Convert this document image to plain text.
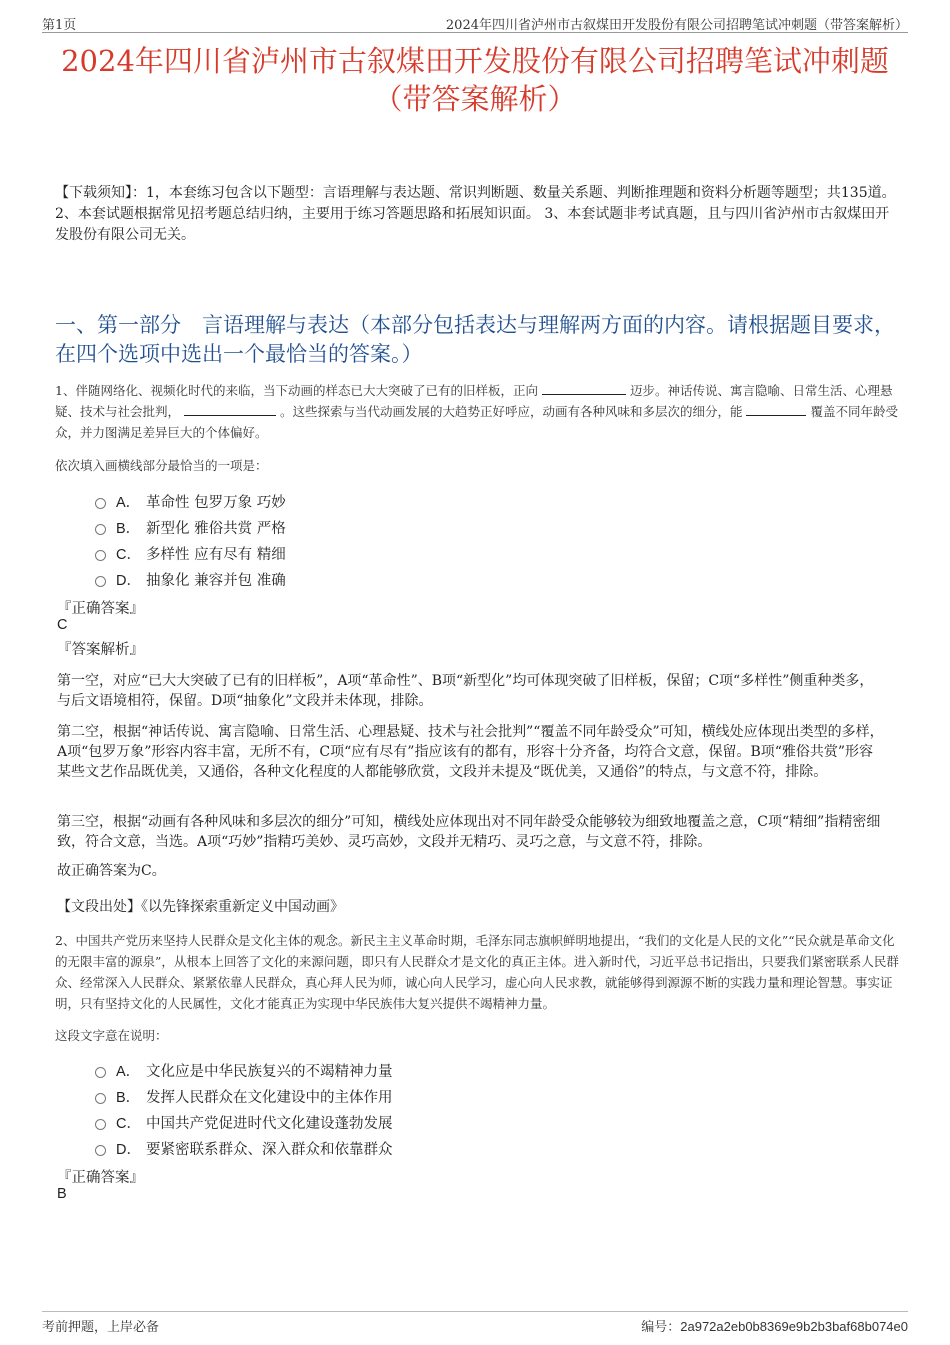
第1页	2024年四川省泸州市古叙煤田开发股份有限公司招聘笔试冲刺题（带答案解析）
2024年四川省泸州市古叙煤田开发股份有限公司招聘笔试冲刺题（带答案解析）

【下载须知】：1，本套练习包含以下题型：言语理解与表达题、常识判断题、数量关系题、判断推理题和资料分析题等题型；共135道。 2、本套试题根据常见招考题总结归纳，主要用于练习答题思路和拓展知识面。 3、本套试题非考试真题，且与四川省泸州市古叙煤田开发股份有限公司无关。

一、第一部分　言语理解与表达（本部分包括表达与理解两方面的内容。请根据题目要求，在四个选项中选出一个最恰当的答案。）

1、伴随网络化、视频化时代的来临，当下动画的样态已大大突破了已有的旧样板，正向	迈步。神话传说、寓言隐喻、日常生活、心理悬疑、技术与社会批判，	。这些探索与当代动画发展的大趋势正好呼应，动画有各种风味和多层次的细分，能	覆盖不同年龄受众，并力图满足差异巨大的个体偏好。

依次填入画横线部分最恰当的一项是：

A． 革命性 包罗万象 巧妙
B． 新型化 雅俗共赏 严格
C． 多样性 应有尽有 精细
D． 抽象化 兼容并包 准确

『正确答案』

C

『答案解析』

第一空，对应“已大大突破了已有的旧样板”，A项“革命性”、B项“新型化”均可体现突破了旧样板，保留；C项“多样性”侧重种类多，与后文语境相符，保留。D项“抽象化”文段并未体现，排除。

第二空，根据“神话传说、寓言隐喻、日常生活、心理悬疑、技术与社会批判”“覆盖不同年龄受众”可知，横线处应体现出类型的多样，A项“包罗万象”形容内容丰富，无所不有，C项“应有尽有”指应该有的都有，形容十分齐备，均符合文意，保留。B项“雅俗共赏”形容某些文艺作品既优美，又通俗，各种文化程度的人都能够欣赏，文段并未提及“既优美，又通俗”的特点，与文意不符，排除。

第三空，根据“动画有各种风味和多层次的细分”可知，横线处应体现出对不同年龄受众能够较为细致地覆盖之意，C项“精细”指精密细致，符合文意，当选。A项“巧妙”指精巧美妙、灵巧高妙，文段并无精巧、灵巧之意，与文意不符，排除。

故正确答案为C。

【文段出处】《以先锋探索重新定义中国动画》

2、中国共产党历来坚持人民群众是文化主体的观念。新民主主义革命时期，毛泽东同志旗帜鲜明地提出，“我们的文化是人民的文化”“民众就是革命文化的无限丰富的源泉”，从根本上回答了文化的来源问题，即只有人民群众才是文化的真正主体。进入新时代，习近平总书记指出，只要我们紧密联系人民群众、经常深入人民群众、紧紧依靠人民群众，真心拜人民为师，诚心向人民学习，虚心向人民求教，就能够得到源源不断的实践力量和理论智慧。事实证明，只有坚持文化的人民属性，文化才能真正为实现中华民族伟大复兴提供不竭精神力量。

这段文字意在说明：

A． 文化应是中华民族复兴的不竭精神力量
B． 发挥人民群众在文化建设中的主体作用
C． 中国共产党促进时代文化建设蓬勃发展
D． 要紧密联系群众、深入群众和依靠群众

『正确答案』

B

考前押题，上岸必备	编号：2a972a2eb0b8369e9b2b3baf68b074e0
